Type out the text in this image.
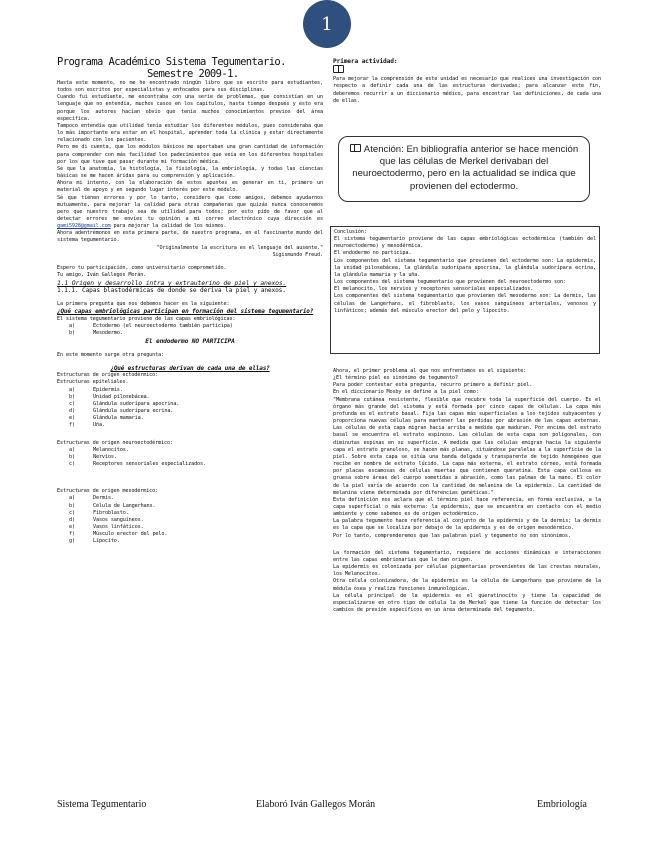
1

Programa Académico Sistema Tegumentario.

Semestre 2009-1.

Hasta este momento, no me he encontrado ningún libro que se escrito para estudiantes, todos son escritos por especialistas y enfocados para sus disciplinas.

Cuando fui estudiante, me encontraba con una serie de problemas, que consistían en un lenguaje que no entendía, muchos casos en los capítulos, hasta tiempo después y esto era porque los autores hacían obvio que tenía muchos conocimientos previos del área específica.

Tampoco entendía que utilidad tenía estudiar los diferentes módulos, pues consideraba que lo más importante era estar en el hospital, aprender toda la clínica y estar directamente relacionado con los pacientes.

Pero me di cuenta, que los módulos básicos me aportaban una gran cantidad de información para comprender con más facilidad los padecimientos que veía en los diferentes hospitales por los que tuve que pasar durante mi formación médica.

Sé que la anatomía, la histología, la fisiología, la embriología, y todas las ciencias básicas se me hacen áridas para su comprensión y aplicación.

Ahora mi intento, con la elaboración de estos apuntes es generar en ti, primero un material de apoyo y en segundo lugar interés por este módulo.

Sé que tienen errores y por lo tanto, considero que como amigos, debemos ayudarnos mutuamente, para mejorar la calidad para otras compañeras que quizás nunca conoceremos pero que nuestro trabajo sea de utilidad para todos; por esto pido de favor que al detectar errores me envíes tu opinión a mi correo electrónico cuya dirección es gami5928@gmail.com para mejorar la calidad de los mismos.

Ahora adentrémonos en esta primera parte, de nuestro programa, en el fascinante mundo del sistema tegumentario.

"Originalmente la escritura es el lenguaje del ausente."

Sigismundo Freud.

Espero tu participación, como universitario comprometido.

Tu amigo, Iván Gallegos Morán.

1.1 Origen y desarrollo intra y extrauterino de piel y anexos.

1.1.1. Capas blastodérmicas de donde se deriva la piel y anexos.

La primera pregunta que nos debemos hacer es la siguiente:

¿Qué capas embriológicas participan en formación del sistema tegumentario?

El sistema tegumentario proviene de las capas embriológicas:

a)	Ectodermo (el neuroectodermo también participa)
b)	Mesodermo.

El endodermo NO PARTICIPA

En este momento surge otra pregunta:

¿Qué estructuras derivan de cada una de ellas?

Estructuras de origen ectodérmico:

Estructuras epiteliales.

a)	Epidermis.
b)	Unidad pilosebácea.
c)	Glándula sudorípara apocrina.
d)	Glándula sudorípara ecrina.
e)	Glándula mamaria.
f)	Uña.

Estructuras de origen neuroectodérmico:

a)	Melanocitos.
b)	Nervios.
c)	Receptores sensoriales especializados.

Estructuras de origen mesodérmico:

a)	Dermis.
b)	Célula de Langerhans.
c)	Fibroblasto.
d)	Vasos sanguíneos.
e)	Vasos linfáticos.
f)	Músculo erector del pelo.
g)	Lipocito.

Primera actividad:

Para mejorar la comprensión de este unidad es necesario que realices una investigación con respecto a definir cada una de las estructuras derivadas; para alcanzar este fin, deberemos recurrir a un diccionario médico, para encontrar las definiciones, de cada una de ellas.

Atención: En bibliografía anterior se hace mención que las células de Merkel derivaban del neuroectodermo, pero en la actualidad se indica que provienen del ectodermo.

Conclusión:

El sistema tegumentario proviene de las capas embriológicas ectodérmica (también del neuroectodermo) y mesodérmica.

El endodermo no participa.

Los componentes del sistema tegumentario que provienen del ectodermo son: La epidermis, la unidad pilosebácea, la glándula sudorípara apocrina, la glándula sudorípara ecrina, la glándula mamaria y la uña.

Los componentes del sistema tegumentario que provienen del neuroectodermo son:

El melanocito, los nervios y receptores sensoriales especializados.

Los componentes del sistema tegumentario que provienen del mesodermo son: La dermis, las células de Langerhans, el fibroblasto, los vasos sanguíneos arteriales, venosos y linfáticos; además del músculo erector del pelo y lipocito.

Ahora, el primer problema al que nos enfrentamos es el siguiente:

¿El término piel es sinónimo de tegumento?

Para poder contestar esta pregunta, recurro primero a definir piel.

En el diccionario Mosby se define a la piel como:

"Membrana cutánea resistente, flexible que recubre toda la superficie del cuerpo. Es el órgano más grande del sistema y está formada por cinco capas de células. La capa más profunda es el estrato basal. Fija las capas más superficiales a los tejidos subyacentes y proporciona nuevas células para mantener las perdidas por abrasión de las capas externas. Las células de esta capa migran hacia arriba a medida que maduran. Por encima del estrato basal se encuentra el estrato espinoso. Las células de esta capa son poligonales, con diminutas espinas en su superficie. A medida que las células emigran hacia la siguiente capa el estrato granuloso, se hacen más planas, situándose paralelas a la superficie de la piel. Sobre esta capa se sitúa una banda delgada y transparente de tejido homogéneo que recibe en nombre de estrato lúcido. La capa más externa, el estrato córneo, está formada por placas escamosas de células muertas que contienen queratina. Esta capa callosa es gruesa sobre áreas del cuerpo sometidas a abrasión, como las palmas de la mano. El color de la piel varía de acuerdo con la cantidad de melanina de la epidermis. La cantidad de melanina viene determinada por diferencias genéticas."

Esta definición nos aclara que el término piel hace referencia, en forma exclusiva, a la capa superficial o más externa: la epidermis, que se encuentra en contacto con el medio ambiente y como sabemos es de origen ectodérmico.

La palabra tegumento hace referencia al conjunto de la epidermis y de la dermis; la dermis es la capa que se localiza por debajo de la epidermis y es de origen mesodérmico.

Por lo tanto, comprenderemos que las palabras piel y tegumento no son sinónimos.

La formación del sistema tegumentario, requiere de acciones dinámicas e interacciones entre las capas embrionarias que le dan origen.

La epidermis es colonizada por células pigmentarias provenientes de las crestas neurales, los Melanocitos.

Otra célula colonizadora, de la epidermis es la célula de Langerhans que proviene de la médula ósea y realiza funciones inmunológicas.

La célula principal de la epidermis es el queratinocito y tiene la capacidad de especializarse en otro tipo de célula la de Merkel que tiene la función de detectar los cambios de presión específicos en un área determinada del tegumento.

Sistema Tegumentario	Elaboró Iván Gallegos Morán	Embriología
